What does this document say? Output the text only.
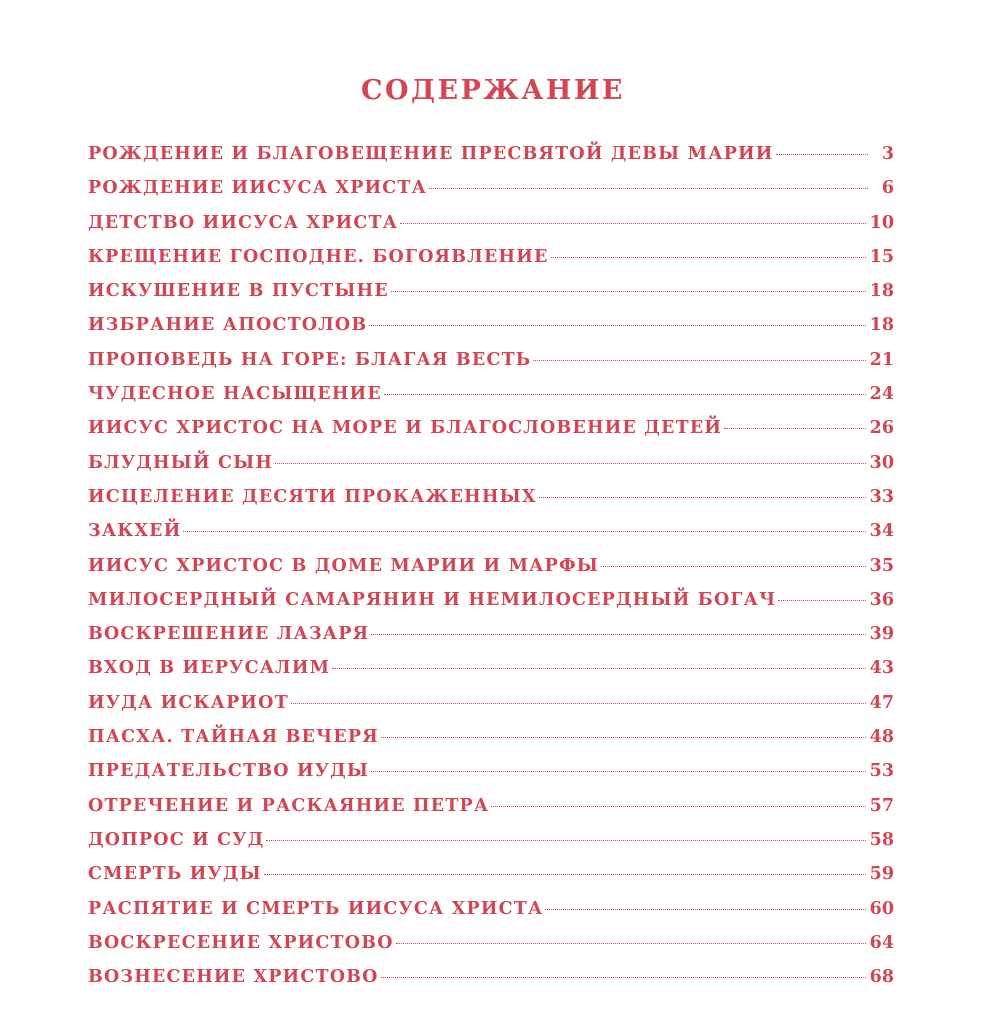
СОДЕРЖАНИЕ
РОЖДЕНИЕ И БЛАГОВЕЩЕНИЕ ПРЕСВЯТОЙ ДЕВЫ МАРИИ	3
РОЖДЕНИЕ ИИСУСА ХРИСТА	6
ДЕТСТВО ИИСУСА ХРИСТА	10
КРЕЩЕНИЕ ГОСПОДНЕ. БОГОЯВЛЕНИЕ	15
ИСКУШЕНИЕ В ПУСТЫНЕ	18
ИЗБРАНИЕ АПОСТОЛОВ	18
ПРОПОВЕДЬ НА ГОРЕ: БЛАГАЯ ВЕСТЬ	21
ЧУДЕСНОЕ НАСЫЩЕНИЕ	24
ИИСУС ХРИСТОС НА МОРЕ И БЛАГОСЛОВЕНИЕ ДЕТЕЙ	26
БЛУДНЫЙ СЫН	30
ИСЦЕЛЕНИЕ ДЕСЯТИ ПРОКАЖЕННЫХ	33
ЗАКХЕЙ	34
ИИСУС ХРИСТОС В ДОМЕ МАРИИ И МАРФЫ	35
МИЛОСЕРДНЫЙ САМАРЯНИН И НЕМИЛОСЕРДНЫЙ БОГАЧ	36
ВОСКРЕШЕНИЕ ЛАЗАРЯ	39
ВХОД В ИЕРУСАЛИМ	43
ИУДА ИСКАРИОТ	47
ПАСХА. ТАЙНАЯ ВЕЧЕРЯ	48
ПРЕДАТЕЛЬСТВО ИУДЫ	53
ОТРЕЧЕНИЕ И РАСКАЯНИЕ ПЕТРА	57
ДОПРОС И СУД	58
СМЕРТЬ ИУДЫ	59
РАСПЯТИЕ И СМЕРТЬ ИИСУСА ХРИСТА	60
ВОСКРЕСЕНИЕ ХРИСТОВО	64
ВОЗНЕСЕНИЕ ХРИСТОВО	68
